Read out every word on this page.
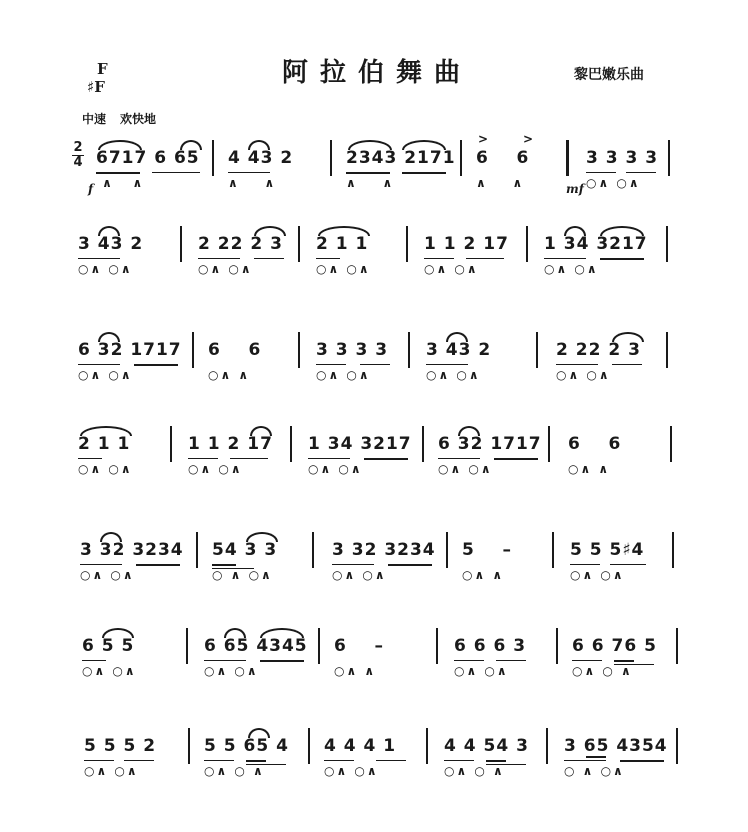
F
♯F	阿拉伯舞曲	黎巴嫩乐曲
中速 欢快地
2
4 6717 6 65
∧   ∧
f
4 43 2
∧    ∧
2343 2171
∧    ∧
>	>
6    6
∧    ∧	mf
3 3 3 3
○∧ ○∧
3 43 2
○∧ ○∧
2 22 2 3
○∧ ○∧
2 1 1
○∧ ○∧
1 1 2 17
○∧ ○∧
1 34 3217
○∧ ○∧
6 32 1717
○∧ ○∧
6    6
○∧ ∧
3 3 3 3
○∧ ○∧
3 43 2
○∧ ○∧
2 22 2 3
○∧ ○∧
2 1 1
○∧ ○∧
1 1 2 17
○∧ ○∧
1 34 3217
○∧ ○∧
6 32 1717
○∧ ○∧
6    6
○∧ ∧
3 32 3234
○∧ ○∧
54 3 3
○ ∧ ○∧
3 32 3234
○∧ ○∧
5    –
○∧ ∧
5 5 5♯4
○∧ ○∧
6 5 5
○∧ ○∧
6 65 4345
○∧ ○∧
6    –
○∧ ∧
6 6 6 3
○∧ ○∧
6 6 76 5
○∧ ○ ∧
5 5 5 2
○∧ ○∧
5 5 65 4
○∧ ○ ∧
4 4 4 1
○∧ ○∧
4 4 54 3
○∧ ○ ∧
3 65 4354
○ ∧ ○∧
